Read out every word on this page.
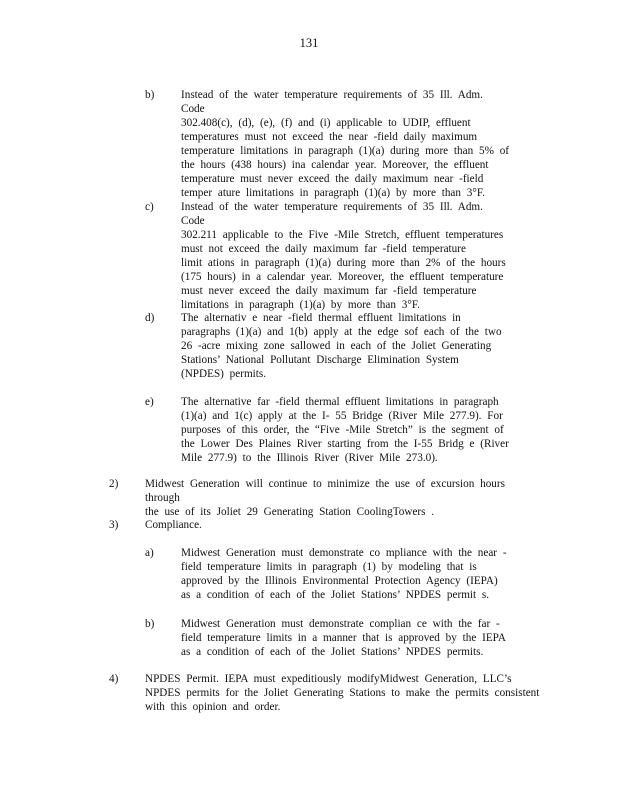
131
b) Instead of the water temperature requirements of 35 Ill. Adm. Code

302.408(c), (d), (e), (f) and (i) applicable to UDIP, effluent

temperatures must not exceed the near -field daily maximum

temperature limitations in paragraph (1)(a) during more than 5% of

the hours (438 hours) ina calendar year. Moreover, the effluent

temperature must never exceed the daily maximum near -field

temper ature limitations in paragraph (1)(a) by more than 3°F.

c) Instead of the water temperature requirements of 35 Ill. Adm. Code

302.211 applicable to the Five -Mile Stretch, effluent temperatures

must not exceed the daily maximum far -field temperature

limit ations in paragraph (1)(a) during more than 2% of the hours

(175 hours) in a calendar year. Moreover, the effluent temperature

must never exceed the daily maximum far -field temperature

limitations in paragraph (1)(a) by more than 3°F.

d) The alternativ e near -field thermal effluent limitations in

paragraphs (1)(a) and 1(b) apply at the edge sof each of the two

26 -acre mixing zone sallowed in each of the Joliet Generating

Stations’ National Pollutant Discharge Elimination System

(NPDES) permits.

e) The alternative far -field thermal effluent limitations in paragraph

(1)(a) and 1(c) apply at the I- 55 Bridge (River Mile 277.9). For

purposes of this order, the “Five -Mile Stretch” is the segment of

the Lower Des Plaines River starting from the I-55 Bridg e (River

Mile 277.9) to the Illinois River (River Mile 273.0).

2) Midwest Generation will continue to minimize the use of excursion hours through

the use of its Joliet 29 Generating Station CoolingTowers .

3) Compliance.

a) Midwest Generation must demonstrate co mpliance with the near -

field temperature limits in paragraph (1) by modeling that is

approved by the Illinois Environmental Protection Agency (IEPA)

as a condition of each of the Joliet Stations’ NPDES permit s.

b) Midwest Generation must demonstrate complian ce with the far -

field temperature limits in a manner that is approved by the IEPA

as a condition of each of the Joliet Stations’ NPDES permits.

4) NPDES Permit. IEPA must expeditiously modifyMidwest Generation, LLC’s

NPDES permits for the Joliet Generating Stations to make the permits consistent

with this opinion and order.
